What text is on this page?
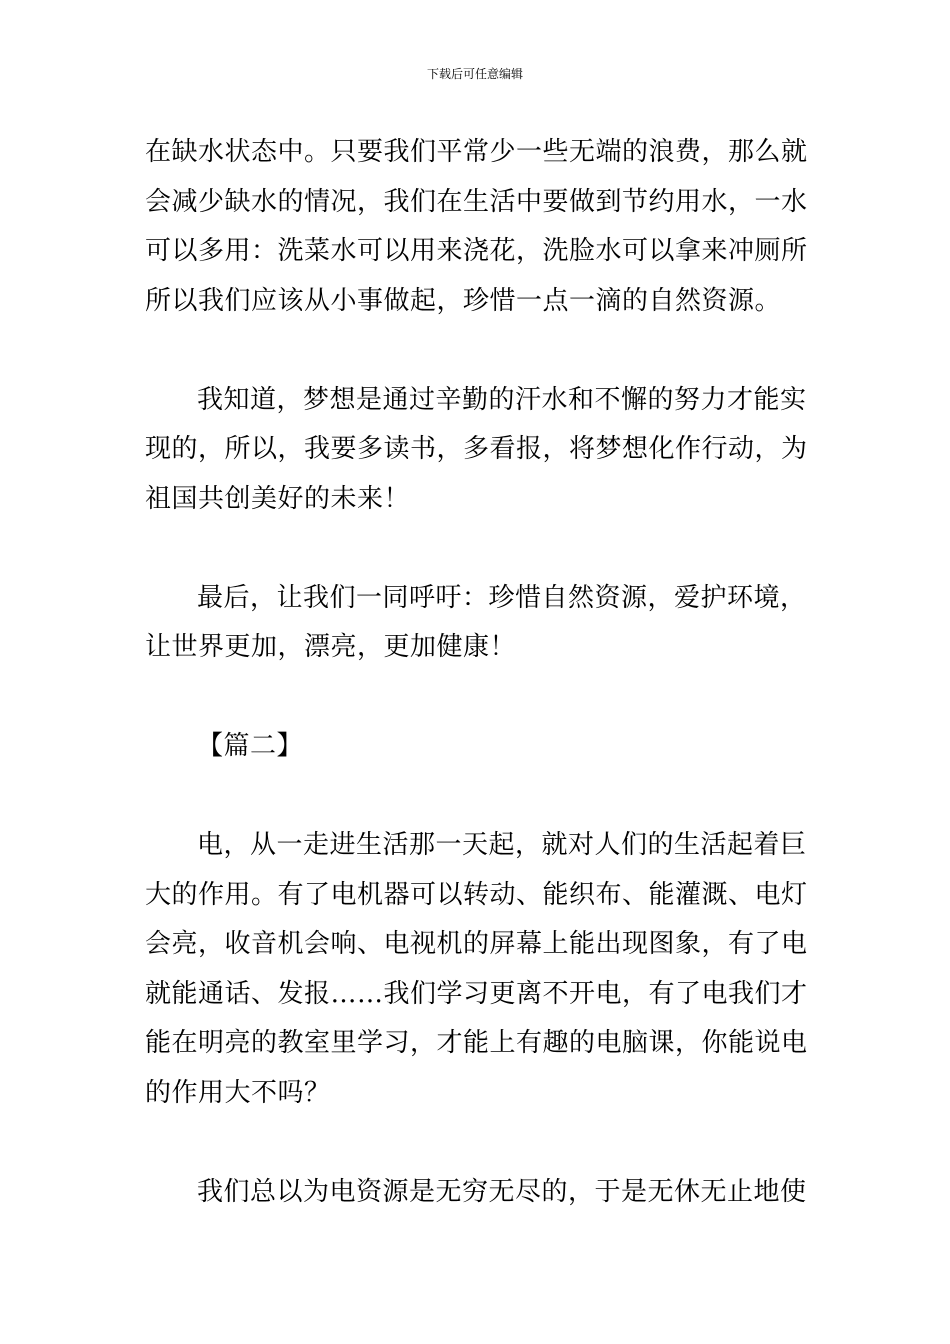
下载后可任意编辑

在缺水状态中。只要我们平常少一些无端的浪费，那么就
会减少缺水的情况，我们在生活中要做到节约用水，一水
可以多用：洗菜水可以用来浇花，洗脸水可以拿来冲厕所
所以我们应该从小事做起，珍惜一点一滴的自然资源。

我知道，梦想是通过辛勤的汗水和不懈的努力才能实
现的，所以，我要多读书，多看报，将梦想化作行动，为
祖国共创美好的未来！

最后，让我们一同呼吁：珍惜自然资源，爱护环境，
让世界更加，漂亮，更加健康！

【篇二】

电，从一走进生活那一天起，就对人们的生活起着巨
大的作用。有了电机器可以转动、能织布、能灌溉、电灯
会亮，收音机会响、电视机的屏幕上能出现图象，有了电
就能通话、发报……我们学习更离不开电，有了电我们才
能在明亮的教室里学习，才能上有趣的电脑课，你能说电
的作用大不吗？

我们总以为电资源是无穷无尽的，于是无休无止地使
